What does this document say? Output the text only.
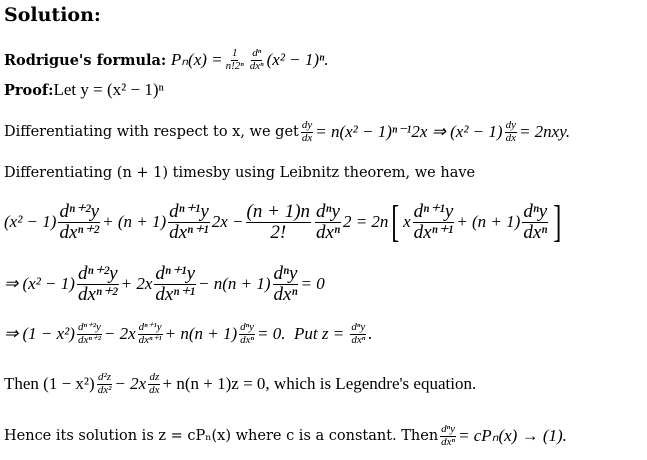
Solution:
Rodrigue's formula:
$P_n(x) = \frac{1}{\text{n!2ⁿ}}$ dⁿ
dxⁿ (x² − 1)ⁿ.
Proof: Let y = (x² − 1)ⁿ
Differentiating with respect to x, we get $\frac{dy}{dx} = n(x^2 - 1)^{n-1}2x$ ⇒ $(x^2 - 1) \frac{dy}{dx} = 2nxy$.
Differentiating (n + 1) timesby using Leibnitz theorem, we have
(x² − 1) dⁿ⁺²y
dxⁿ⁺² + (n + 1) dⁿ⁺¹y
dxⁿ⁺¹ $2x - \frac{(n + 1)n}{2!}$ dⁿy
dxⁿ 2 = 2n [ x dⁿ⁺¹y
dxⁿ⁺¹ + (n + 1) dⁿy
dxⁿ ]
⇒ (x² − 1) dⁿ⁺²y
dxⁿ⁺² + 2x dⁿ⁺¹y
dxⁿ⁺¹ − n(n + 1) dⁿy
dxⁿ = 0
⇒ (1 − x²) dⁿ⁺²y
dxⁿ⁺² − 2x dⁿ⁺¹y
dxⁿ⁺¹ + n(n + 1) dⁿy
dxⁿ = 0.  Put z = dⁿy
dxⁿ .
Then $(1 - x^2) \frac{\text{d²z}}{\text{dx²}} - 2x \frac{dz}{dx} + n(n + 1)z = 0$, which is Legendre's equation.
Hence its solution is z = cPₙ(x) where c is a constant. Then dⁿy
dxⁿ = cPₙ(x) → (1).
